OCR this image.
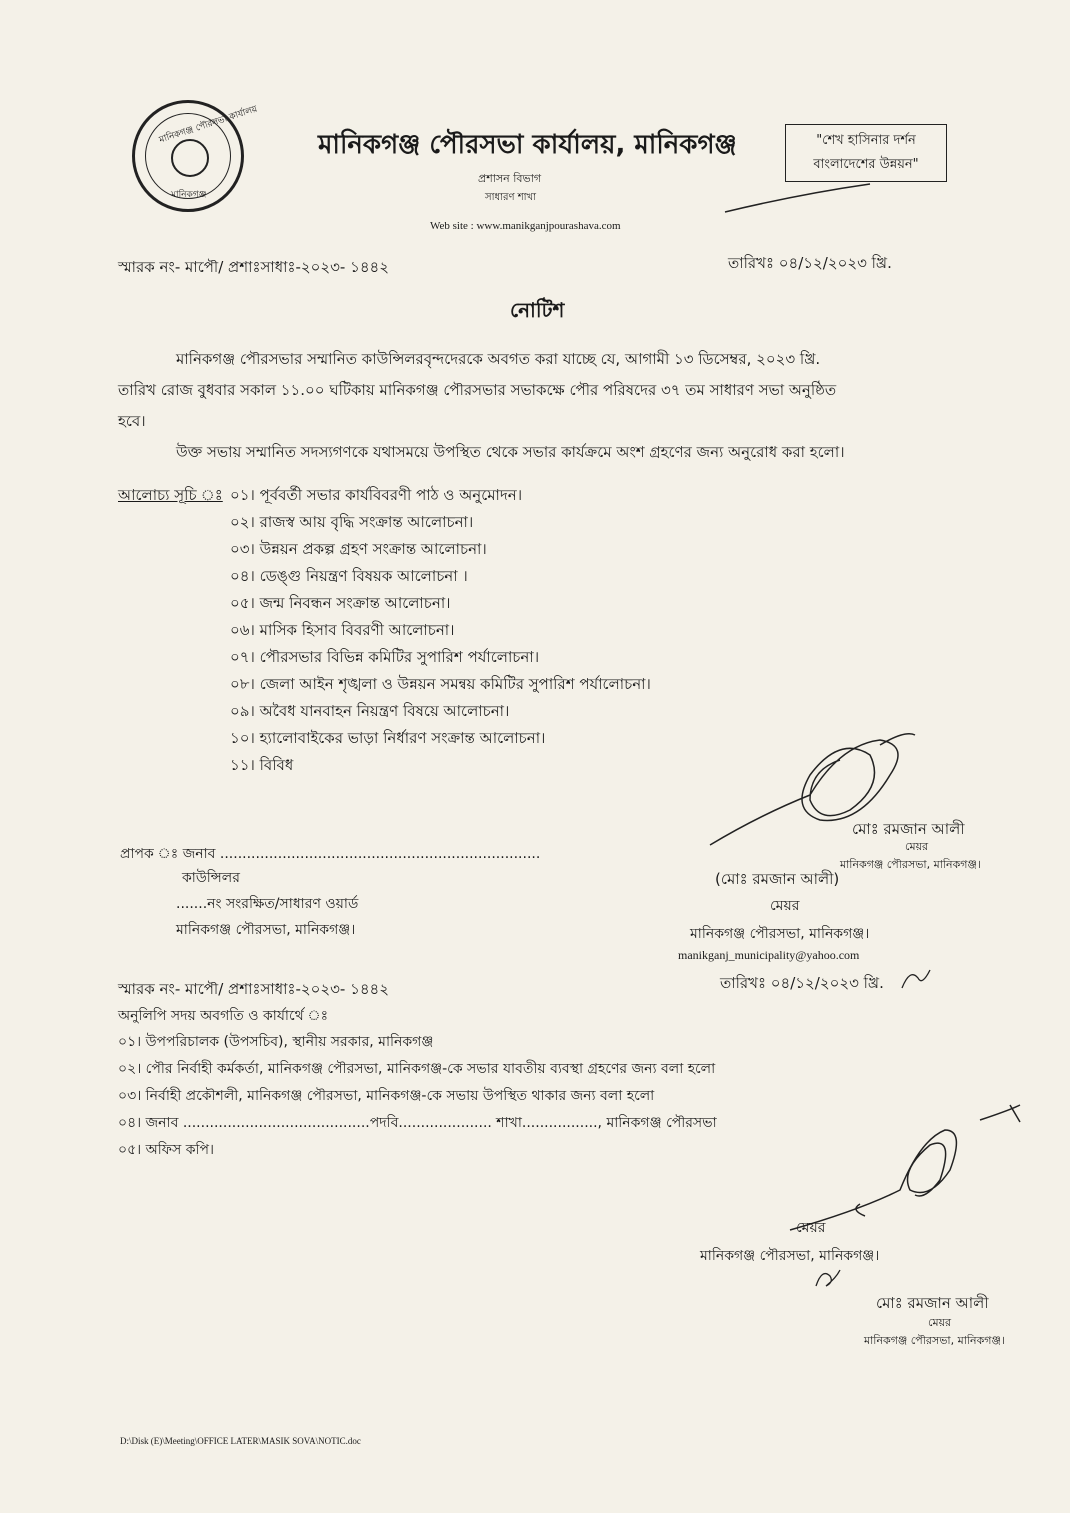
মানিকগঞ্জ পৌরসভা কার্যালয়
মানিকগঞ্জ
মানিকগঞ্জ পৌরসভা কার্যালয়, মানিকগঞ্জ
প্রশাসন বিভাগ
সাধারণ শাখা
Web site : www.manikganjpourashava.com
"শেখ হাসিনার দর্শন
বাংলাদেশের উন্নয়ন"
স্মারক নং- মাপৌ/ প্রশাঃসাধাঃ-২০২৩- ১৪৪২	তারিখঃ ০৪/১২/২০২৩ খ্রি.
নোটিশ
মানিকগঞ্জ পৌরসভার সম্মানিত কাউন্সিলরবৃন্দদেরকে অবগত করা যাচ্ছে যে, আগামী ১৩ ডিসেম্বর, ২০২৩ খ্রি.
তারিখ রোজ বুধবার সকাল ১১.০০ ঘটিকায় মানিকগঞ্জ পৌরসভার সভাকক্ষে পৌর পরিষদের ৩৭ তম সাধারণ সভা অনুষ্ঠিত
হবে।
উক্ত সভায় সম্মানিত সদস্যগণকে যথাসময়ে উপস্থিত থেকে সভার কার্যক্রমে অংশ গ্রহণের জন্য অনুরোধ করা হলো।
আলোচ্য সূচি ঃ ০১। পূর্ববর্তী সভার কার্যবিবরণী পাঠ ও অনুমোদন।
০২। রাজস্ব আয় বৃদ্ধি সংক্রান্ত আলোচনা।
০৩। উন্নয়ন প্রকল্প গ্রহণ সংক্রান্ত আলোচনা।
০৪। ডেঙ্গু নিয়ন্ত্রণ বিষয়ক আলোচনা ।
০৫। জন্ম নিবন্ধন সংক্রান্ত আলোচনা।
০৬। মাসিক হিসাব বিবরণী আলোচনা।
০৭। পৌরসভার বিভিন্ন কমিটির সুপারিশ পর্যালোচনা।
০৮। জেলা আইন শৃঙ্খলা ও উন্নয়ন সমন্বয় কমিটির সুপারিশ পর্যালোচনা।
০৯। অবৈধ যানবাহন নিয়ন্ত্রণ বিষয়ে আলোচনা।
১০। হ্যালোবাইকের ভাড়া নির্ধারণ সংক্রান্ত আলোচনা।
১১। বিবিধ
মোঃ রমজান আলী
মেয়র
মানিকগঞ্জ পৌরসভা, মানিকগঞ্জ।
প্রাপক ঃ জনাব ........................................................................
কাউন্সিলর
.......নং সংরক্ষিত/সাধারণ ওয়ার্ড
মানিকগঞ্জ পৌরসভা, মানিকগঞ্জ।
(মোঃ রমজান আলী)
মেয়র
মানিকগঞ্জ পৌরসভা, মানিকগঞ্জ।
manikganj_municipality@yahoo.com
স্মারক নং- মাপৌ/ প্রশাঃসাধাঃ-২০২৩- ১৪৪২	তারিখঃ ০৪/১২/২০২৩ খ্রি.
অনুলিপি সদয় অবগতি ও কার্যার্থে ঃ
০১। উপপরিচালক (উপসচিব), স্থানীয় সরকার, মানিকগঞ্জ
০২। পৌর নির্বাহী কর্মকর্তা, মানিকগঞ্জ পৌরসভা, মানিকগঞ্জ-কে সভার যাবতীয় ব্যবস্থা গ্রহণের জন্য বলা হলো
০৩। নির্বাহী প্রকৌশলী, মানিকগঞ্জ পৌরসভা, মানিকগঞ্জ-কে সভায় উপস্থিত থাকার জন্য বলা হলো
০৪। জনাব ..........................................পদবি..................... শাখা................., মানিকগঞ্জ পৌরসভা
০৫। অফিস কপি।
মেয়র
মানিকগঞ্জ পৌরসভা, মানিকগঞ্জ।
মোঃ রমজান আলী
মেয়র
মানিকগঞ্জ পৌরসভা, মানিকগঞ্জ।
D:\Disk (E)\Meeting\OFFICE LATER\MASIK SOVA\NOTIC.doc
